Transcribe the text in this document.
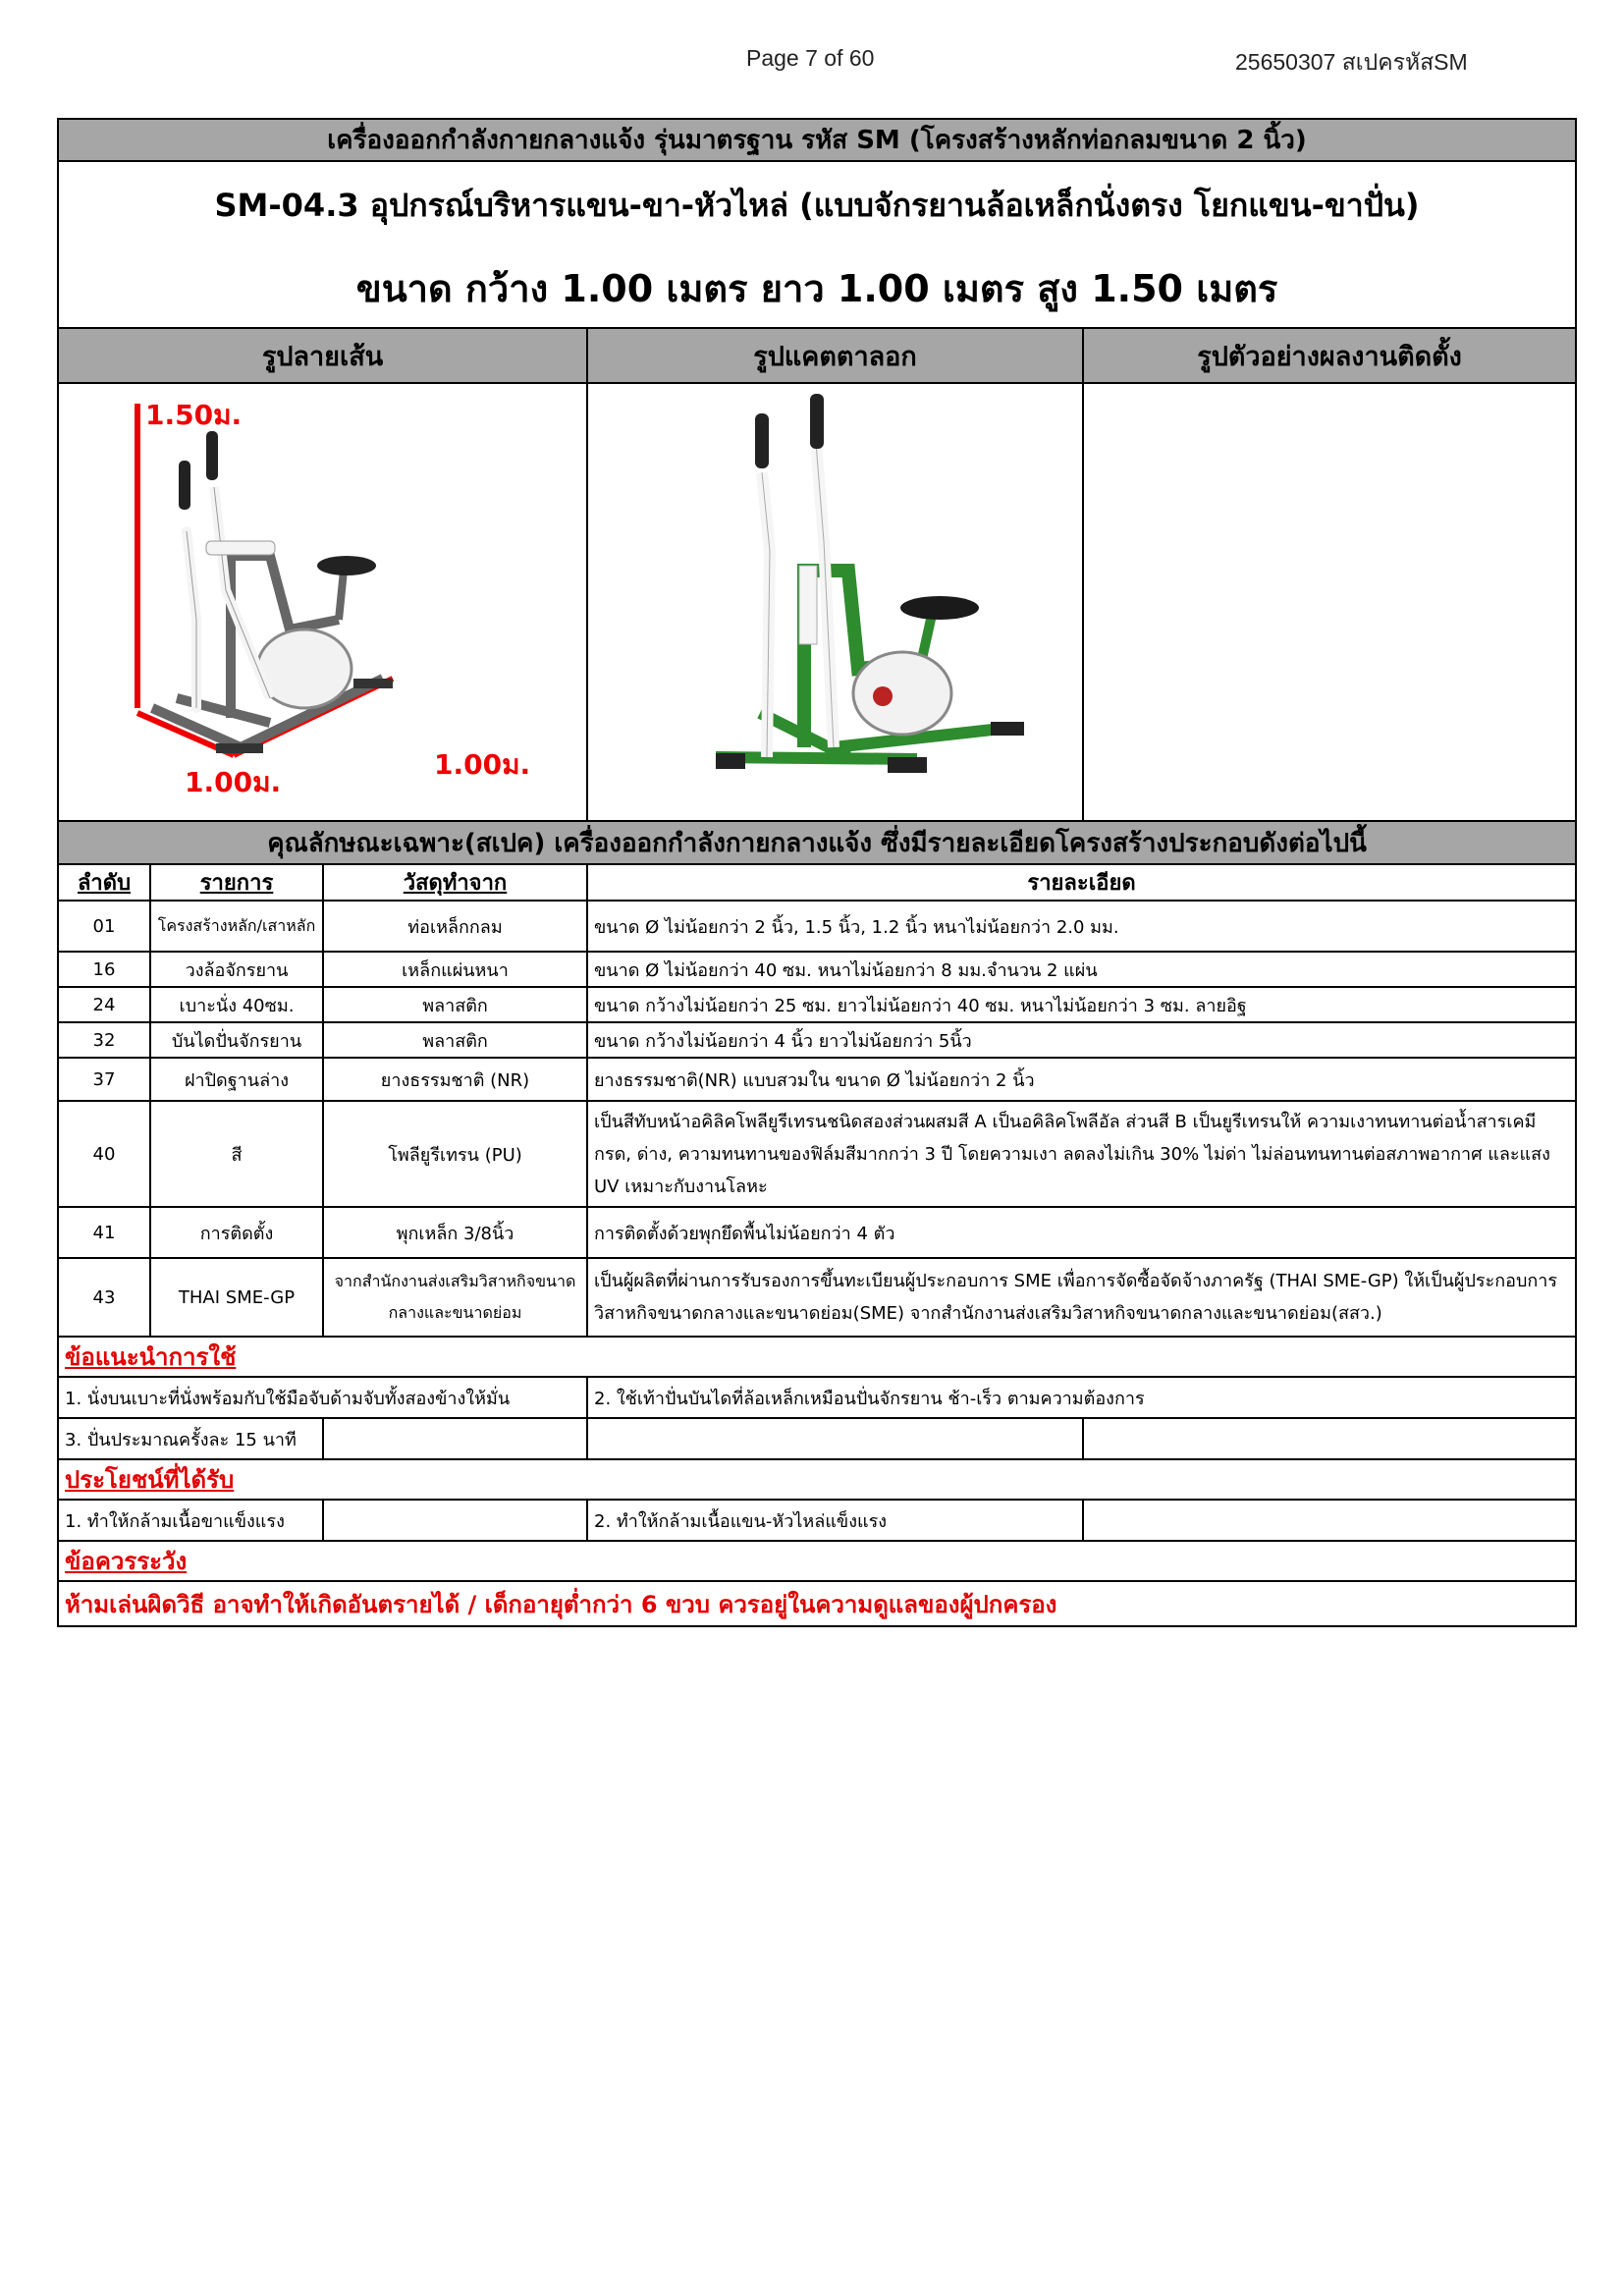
Page 7 of 60	25650307 สเปครหัสSM
เครื่องออกกำลังกายกลางแจ้ง รุ่นมาตรฐาน รหัส SM (โครงสร้างหลักท่อกลมขนาด 2 นิ้ว)				
SM-04.3 อุปกรณ์บริหารแขน-ขา-หัวไหล่ (แบบจักรยานล้อเหล็กนั่งตรง โยกแขน-ขาปั่น)				
ขนาด กว้าง 1.00 เมตร ยาว 1.00 เมตร สูง 1.50 เมตร				
รูปลายเส้น			รูปแคตตาลอก	รูปตัวอย่างผลงานติดตั้ง

1.50ม.
1.00ม.
1.00ม.

คุณลักษณะเฉพาะ(สเปค) เครื่องออกกำลังกายกลางแจ้ง ซึ่งมีรายละเอียดโครงสร้างประกอบดังต่อไปนี้				
ลำดับ	รายการ	วัสดุทำจาก	รายละเอียด	
01	โครงสร้างหลัก/เสาหลัก	ท่อเหล็กกลม	ขนาด Ø ไม่น้อยกว่า 2 นิ้ว, 1.5 นิ้ว, 1.2 นิ้ว หนาไม่น้อยกว่า 2.0 มม.	
16	วงล้อจักรยาน	เหล็กแผ่นหนา	ขนาด Ø ไม่น้อยกว่า 40 ซม. หนาไม่น้อยกว่า 8 มม.จำนวน 2 แผ่น	
24	เบาะนั่ง 40ซม.	พลาสติก	ขนาด กว้างไม่น้อยกว่า 25 ซม. ยาวไม่น้อยกว่า 40 ซม. หนาไม่น้อยกว่า 3 ซม. ลายอิฐ	
32	บันไดปั่นจักรยาน	พลาสติก	ขนาด กว้างไม่น้อยกว่า 4 นิ้ว ยาวไม่น้อยกว่า 5นิ้ว	
37	ฝาปิดฐานล่าง	ยางธรรมชาติ (NR)	ยางธรรมชาติ(NR) แบบสวมใน ขนาด Ø ไม่น้อยกว่า 2 นิ้ว	
40	สี	โพลียูรีเทรน (PU)	เป็นสีทับหน้าอคิลิคโพลียูรีเทรนชนิดสองส่วนผสมสี A เป็นอคิลิคโพลีอัล ส่วนสี B เป็นยูรีเทรนให้ ความเงาทนทานต่อน้ำสารเคมี กรด, ด่าง, ความทนทานของฟิล์มสีมากกว่า 3 ปี โดยความเงา ลดลงไม่เกิน 30% ไม่ด่า ไม่ล่อนทนทานต่อสภาพอากาศ และแสง UV เหมาะกับงานโลหะ	
41	การติดตั้ง	พุกเหล็ก 3/8นิ้ว	การติดตั้งด้วยพุกยึดพื้นไม่น้อยกว่า 4 ตัว	
43	THAI SME-GP	จากสำนักงานส่งเสริมวิสาหกิจขนาดกลางและขนาดย่อม	เป็นผู้ผลิตที่ผ่านการรับรองการขึ้นทะเบียนผู้ประกอบการ SME เพื่อการจัดซื้อจัดจ้างภาครัฐ (THAI SME-GP) ให้เป็นผู้ประกอบการวิสาหกิจขนาดกลางและขนาดย่อม(SME) จากสำนักงานส่งเสริมวิสาหกิจขนาดกลางและขนาดย่อม(สสว.)	
ข้อแนะนำการใช้				
1. นั่งบนเบาะที่นั่งพร้อมกับใช้มือจับด้ามจับทั้งสองข้างให้มั่น			2. ใช้เท้าปั่นบันไดที่ล้อเหล็กเหมือนปั่นจักรยาน ช้า-เร็ว ตามความต้องการ	
3. ปั่นประมาณครั้งละ 15 นาที				
ประโยชน์ที่ได้รับ				
1. ทำให้กล้ามเนื้อขาแข็งแรง			2. ทำให้กล้ามเนื้อแขน-หัวไหล่แข็งแรง	
ข้อควรระวัง				
ห้ามเล่นผิดวิธี อาจทำให้เกิดอันตรายได้ / เด็กอายุต่ำกว่า 6 ขวบ ควรอยู่ในความดูแลของผู้ปกครอง				
